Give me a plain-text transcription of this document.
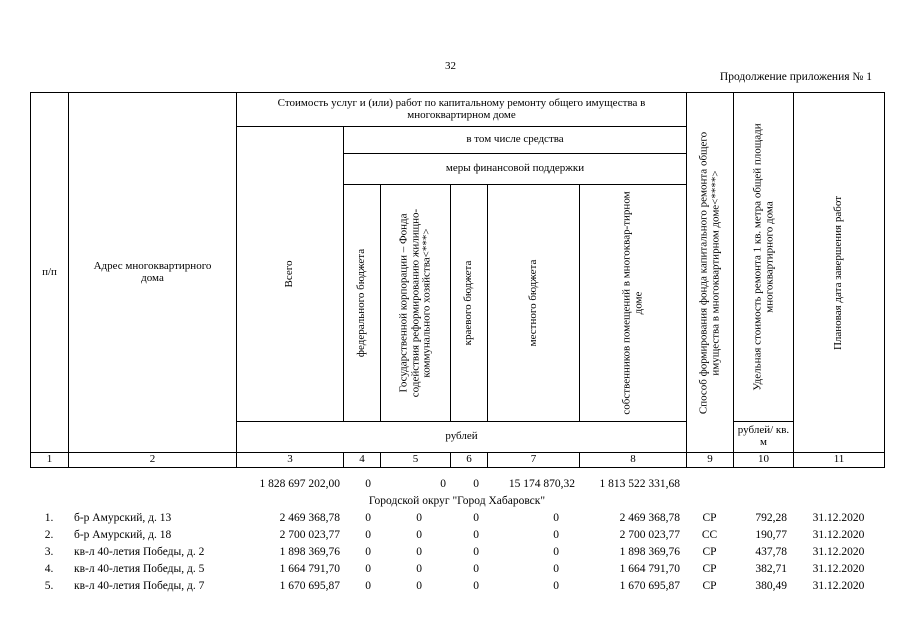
32
Продолжение приложения № 1
п/п	Адрес многоквартирного дома	Стоимость услуг и (или) работ по капитальному ремонту общего имущества в многоквартирном доме						Способ формирования фонда капитального ремонта общего имущества в многоквартирном доме<****>	Удельная стоимость ремонта 1 кв. метра общей площади многоквартирного дома	Плановая дата завершения работ

		Всего	в том числе средства							
			меры финансовой поддержки							

			федерального бюджета	Государственной корпорации – Фонда содействия реформированию жилищно-коммунального хозяйства<***>	краевого бюджета	местного бюджета	собственников помещений в многоквар-тирном доме			

		рублей							рублей/ кв. м	
1	2	3	4	5	6	7	8	9	10	11
		1 828 697 202,00	0	0	0	15 174 870,32	1 813 522 331,68			
Городской округ "Город Хабаровск"										
1.	б-р Амурский, д. 13	2 469 368,78	0	0	0	0	2 469 368,78	СР	792,28	31.12.2020
2.	б-р Амурский, д. 18	2 700 023,77	0	0	0	0	2 700 023,77	СС	190,77	31.12.2020
3.	кв-л 40-летия Победы, д. 2	1 898 369,76	0	0	0	0	1 898 369,76	СР	437,78	31.12.2020
4.	кв-л 40-летия Победы, д. 5	1 664 791,70	0	0	0	0	1 664 791,70	СР	382,71	31.12.2020
5.	кв-л 40-летия Победы, д. 7	1 670 695,87	0	0	0	0	1 670 695,87	СР	380,49	31.12.2020
